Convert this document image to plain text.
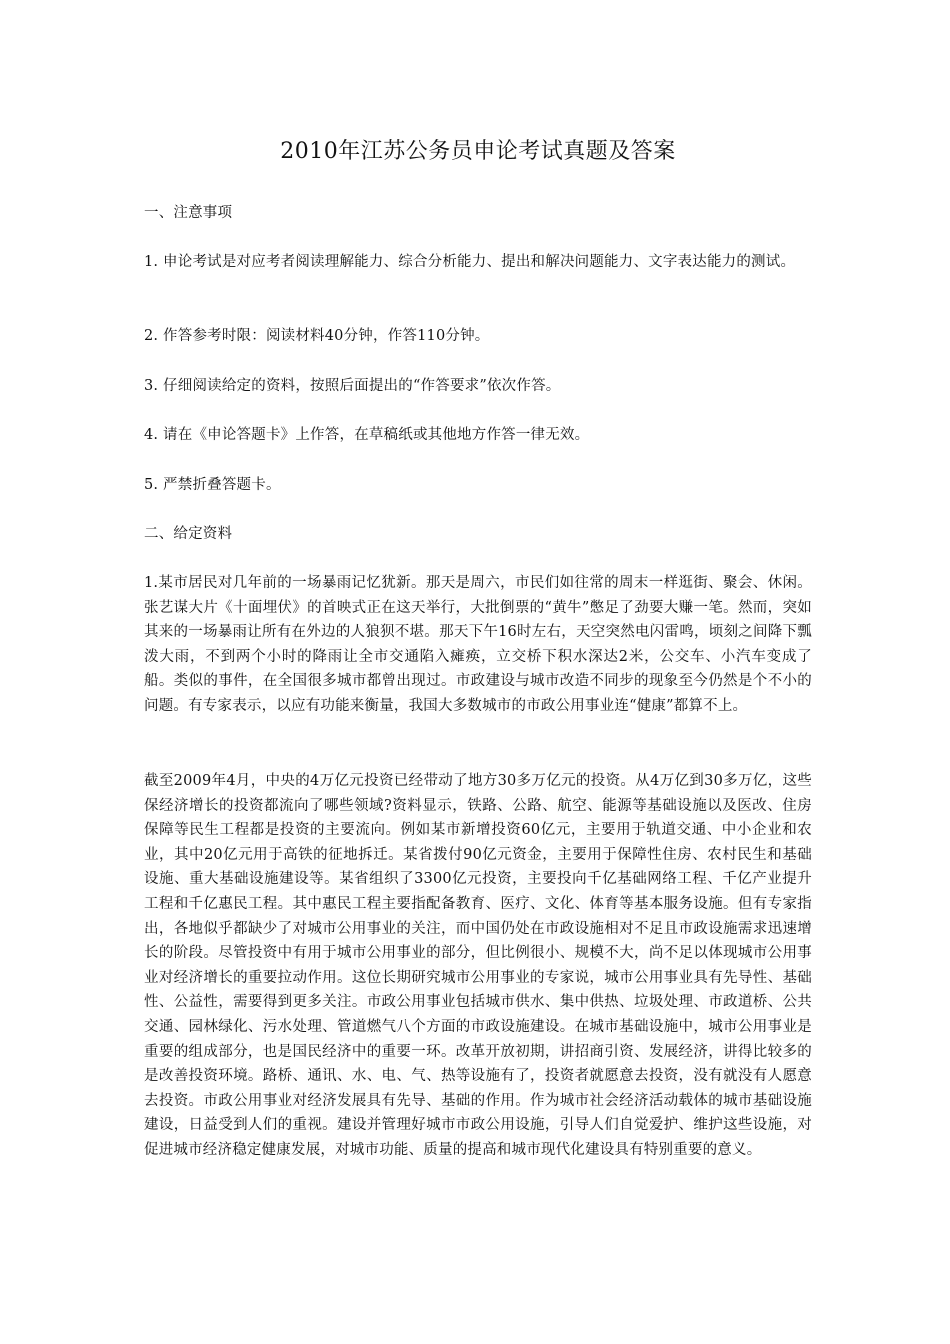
2010年江苏公务员申论考试真题及答案

一、注意事项

1. 申论考试是对应考者阅读理解能力、综合分析能力、提出和解决问题能力、文字表达能力的测试。

2. 作答参考时限：阅读材料40分钟，作答110分钟。

3. 仔细阅读给定的资料，按照后面提出的“作答要求”依次作答。

4. 请在《申论答题卡》上作答，在草稿纸或其他地方作答一律无效。

5. 严禁折叠答题卡。

二、给定资料

1.某市居民对几年前的一场暴雨记忆犹新。那天是周六，市民们如往常的周末一样逛街、聚会、休闲。张艺谋大片《十面埋伏》的首映式正在这天举行，大批倒票的“黄牛”憋足了劲要大赚一笔。然而，突如其来的一场暴雨让所有在外边的人狼狈不堪。那天下午16时左右，天空突然电闪雷鸣，顷刻之间降下瓢泼大雨，不到两个小时的降雨让全市交通陷入瘫痪，立交桥下积水深达2米，公交车、小汽车变成了船。类似的事件，在全国很多城市都曾出现过。市政建设与城市改造不同步的现象至今仍然是个不小的问题。有专家表示，以应有功能来衡量，我国大多数城市的市政公用事业连“健康”都算不上。

截至2009年4月，中央的4万亿元投资已经带动了地方30多万亿元的投资。从4万亿到30多万亿，这些保经济增长的投资都流向了哪些领域?资料显示，铁路、公路、航空、能源等基础设施以及医改、住房保障等民生工程都是投资的主要流向。例如某市新增投资60亿元，主要用于轨道交通、中小企业和农业，其中20亿元用于高铁的征地拆迁。某省拨付90亿元资金，主要用于保障性住房、农村民生和基础设施、重大基础设施建设等。某省组织了3300亿元投资，主要投向千亿基础网络工程、千亿产业提升工程和千亿惠民工程。其中惠民工程主要指配备教育、医疗、文化、体育等基本服务设施。但有专家指出，各地似乎都缺少了对城市公用事业的关注，而中国仍处在市政设施相对不足且市政设施需求迅速增长的阶段。尽管投资中有用于城市公用事业的部分，但比例很小、规模不大，尚不足以体现城市公用事业对经济增长的重要拉动作用。这位长期研究城市公用事业的专家说，城市公用事业具有先导性、基础性、公益性，需要得到更多关注。市政公用事业包括城市供水、集中供热、垃圾处理、市政道桥、公共交通、园林绿化、污水处理、管道燃气八个方面的市政设施建设。在城市基础设施中，城市公用事业是重要的组成部分，也是国民经济中的重要一环。改革开放初期，讲招商引资、发展经济，讲得比较多的是改善投资环境。路桥、通讯、水、电、气、热等设施有了，投资者就愿意去投资，没有就没有人愿意去投资。市政公用事业对经济发展具有先导、基础的作用。作为城市社会经济活动载体的城市基础设施建设，日益受到人们的重视。建设并管理好城市市政公用设施，引导人们自觉爱护、维护这些设施，对促进城市经济稳定健康发展，对城市功能、质量的提高和城市现代化建设具有特别重要的意义。
